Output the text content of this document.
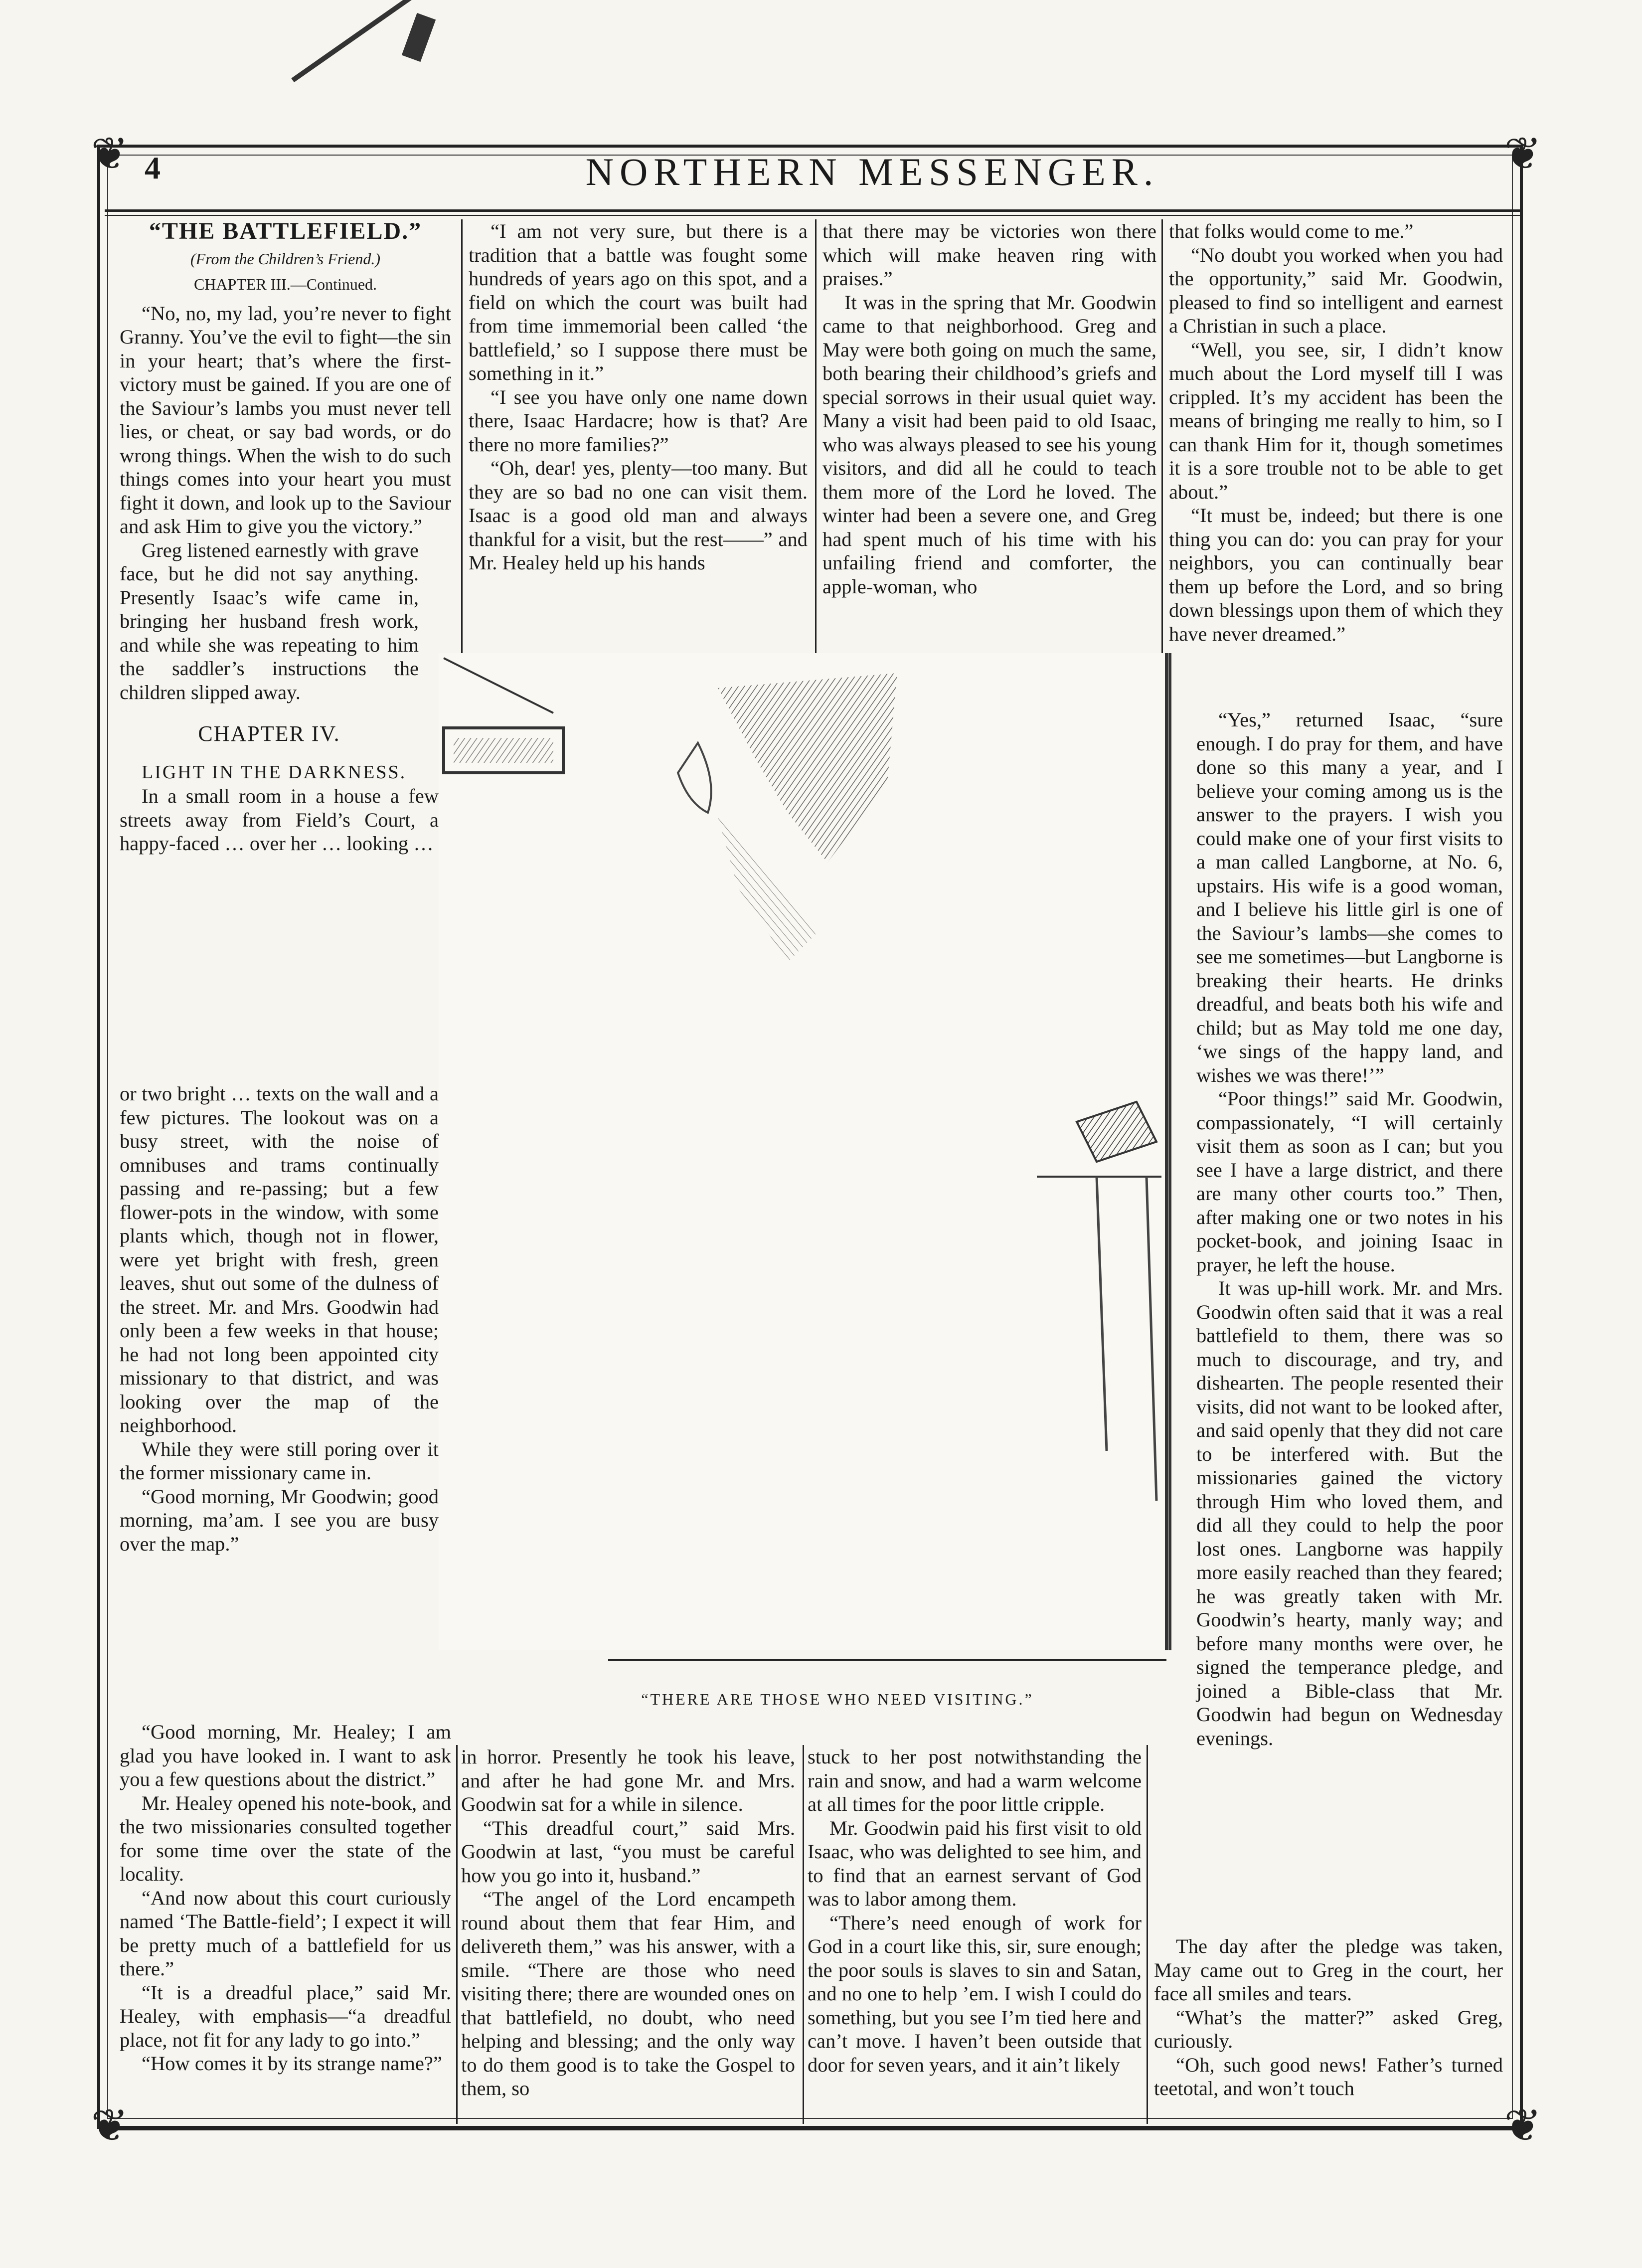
❦	❦
❦	❦
4	NORTHERN MESSENGER.
“THE BATTLEFIELD.”
(From the Children’s Friend.)
CHAPTER III.—Continued.

“No, no, my lad, you’re never to fight Granny. You’ve the evil to fight—the sin in your heart; that’s where the first-victory must be gained. If you are one of the Saviour’s lambs you must never tell lies, or cheat, or say bad words, or do wrong things. When the wish to do such things comes into your heart you must fight it down, and look up to the Saviour and ask Him to give you the victory.”

Greg listened earnestly with grave face, but he did not say anything. Presently Isaac’s wife came in, bringing her husband fresh work, and while she was repeating to him the saddler’s instructions the children slipped away.

CHAPTER IV.

LIGHT IN THE DARKNESS.

In a small room in a house a few streets away from Field’s Court, a happy-faced … over her … looking …

or two bright … texts on the wall and a few pictures. The lookout was on a busy street, with the noise of omnibuses and trams continually passing and re-passing; but a few flower-pots in the window, with some plants which, though not in flower, were yet bright with fresh, green leaves, shut out some of the dulness of the street. Mr. and Mrs. Goodwin had only been a few weeks in that house; he had not long been appointed city missionary to that district, and was looking over the map of the neighborhood.

While they were still poring over it the former missionary came in.

“Good morning, Mr Goodwin; good morning, ma’am. I see you are busy over the map.”

“Good morning, Mr. Healey; I am glad you have looked in. I want to ask you a few questions about the district.”

Mr. Healey opened his note-book, and the two missionaries consulted together for some time over the state of the locality.

“And now about this court curiously named ‘The Battle-field’; I expect it will be pretty much of a battlefield for us there.”

“It is a dreadful place,” said Mr. Healey, with emphasis—“a dreadful place, not fit for any lady to go into.”

“How comes it by its strange name?”

“I am not very sure, but there is a tradition that a battle was fought some hundreds of years ago on this spot, and a field on which the court was built had from time immemorial been called ‘the battlefield,’ so I suppose there must be something in it.”

“I see you have only one name down there, Isaac Hardacre; how is that? Are there no more families?”

“Oh, dear! yes, plenty—too many. But they are so bad no one can visit them. Isaac is a good old man and always thankful for a visit, but the rest——” and Mr. Healey held up his hands

that there may be victories won there which will make heaven ring with praises.”

It was in the spring that Mr. Goodwin came to that neighborhood. Greg and May were both going on much the same, both bearing their childhood’s griefs and special sorrows in their usual quiet way. Many a visit had been paid to old Isaac, who was always pleased to see his young visitors, and did all he could to teach them more of the Lord he loved. The winter had been a severe one, and Greg had spent much of his time with his unfailing friend and comforter, the apple-woman, who

that folks would come to me.”

“No doubt you worked when you had the opportunity,” said Mr. Goodwin, pleased to find so intelligent and earnest a Christian in such a place.

“Well, you see, sir, I didn’t know much about the Lord myself till I was crippled. It’s my accident has been the means of bringing me really to him, so I can thank Him for it, though sometimes it is a sore trouble not to be able to get about.”

“It must be, indeed; but there is one thing you can do: you can pray for your neighbors, you can continually bear them up before the Lord, and so bring down blessings upon them of which they have never dreamed.”

“Yes,” returned Isaac, “sure enough. I do pray for them, and have done so this many a year, and I believe your coming among us is the answer to the prayers. I wish you could make one of your first visits to a man called Langborne, at No. 6, upstairs. His wife is a good woman, and I believe his little girl is one of the Saviour’s lambs—she comes to see me sometimes—but Langborne is breaking their hearts. He drinks dreadful, and beats both his wife and child; but as May told me one day, ‘we sings of the happy land, and wishes we was there!’”

“Poor things!” said Mr. Goodwin, compassionately, “I will certainly visit them as soon as I can; but you see I have a large district, and there are many other courts too.” Then, after making one or two notes in his pocket-book, and joining Isaac in prayer, he left the house.

It was up-hill work. Mr. and Mrs. Goodwin often said that it was a real battlefield to them, there was so much to discourage, and try, and dishearten. The people resented their visits, did not want to be looked after, and said openly that they did not care to be interfered with. But the missionaries gained the victory through Him who loved them, and did all they could to help the poor lost ones. Langborne was happily more easily reached than they feared; he was greatly taken with Mr. Goodwin’s hearty, manly way; and before many months were over, he signed the temperance pledge, and joined a Bible-class that Mr. Goodwin had begun on Wednesday evenings.

The day after the pledge was taken, May came out to Greg in the court, her face all smiles and tears.

“What’s the matter?” asked Greg, curiously.

“Oh, such good news! Father’s turned teetotal, and won’t touch

“THERE ARE THOSE WHO NEED VISITING.”

in horror. Presently he took his leave, and after he had gone Mr. and Mrs. Goodwin sat for a while in silence.

“This dreadful court,” said Mrs. Goodwin at last, “you must be careful how you go into it, husband.”

“The angel of the Lord encampeth round about them that fear Him, and delivereth them,” was his answer, with a smile. “There are those who need visiting there; there are wounded ones on that battlefield, no doubt, who need helping and blessing; and the only way to do them good is to take the Gospel to them, so

stuck to her post notwithstanding the rain and snow, and had a warm welcome at all times for the poor little cripple.

Mr. Goodwin paid his first visit to old Isaac, who was delighted to see him, and to find that an earnest servant of God was to labor among them.

“There’s need enough of work for God in a court like this, sir, sure enough; the poor souls is slaves to sin and Satan, and no one to help ’em. I wish I could do something, but you see I’m tied here and can’t move. I haven’t been outside that door for seven years, and it ain’t likely
